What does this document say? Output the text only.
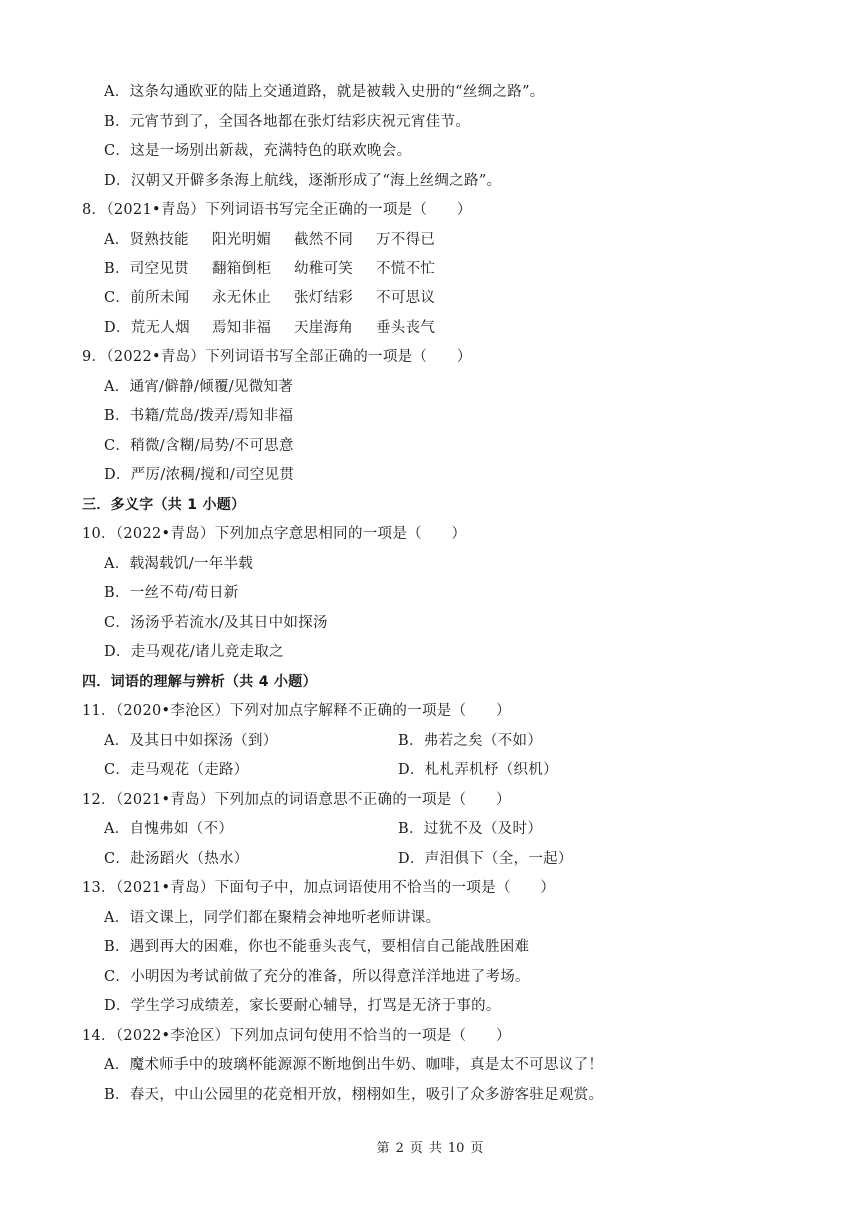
A．这条勾通欧亚的陆上交通道路，就是被载入史册的“丝绸之路”。
B．元宵节到了，全国各地都在张灯结彩庆祝元宵佳节。
C．这是一场别出新裁，充满特色的联欢晚会。
D．汉朝又开僻多条海上航线，逐渐形成了“海上丝绸之路”。
8．（2021•青岛）下列词语书写完全正确的一项是（　　）
A．贤熟技能 阳光明媚 截然不同 万不得已
B．司空见贯 翻箱倒柜 幼稚可笑 不慌不忙
C．前所未闻 永无休止 张灯结彩 不可思议
D．荒无人烟 焉知非福 天崖海角 垂头丧气
9．（2022•青岛）下列词语书写全部正确的一项是（　　）
A．通宵/僻静/倾覆/见微知著
B．书籍/荒岛/拨弄/焉知非福
C．稍微/含糊/局势/不可思意
D．严厉/浓稠/搅和/司空见贯
三．多义字（共 1 小题）
10．（2022•青岛）下列加点字意思相同的一项是（　　）
A．载渴载饥/一年半载
B．一丝不苟/苟日新
C．汤汤乎若流水/及其日中如探汤
D．走马观花/诸儿竞走取之
四．词语的理解与辨析（共 4 小题）
11．（2020•李沧区）下列对加点字解释不正确的一项是（　　）
A．及其日中如探汤（到）	B．弗若之矣（不如）
C．走马观花（走路）	D．札札弄机杼（织机）
12．（2021•青岛）下列加点的词语意思不正确的一项是（　　）
A．自愧弗如（不）	B．过犹不及（及时）
C．赴汤蹈火（热水）	D．声泪俱下（全，一起）
13．（2021•青岛）下面句子中，加点词语使用不恰当的一项是（　　）
A．语文课上，同学们都在聚精会神地听老师讲课。
B．遇到再大的困难，你也不能垂头丧气，要相信自己能战胜困难
C．小明因为考试前做了充分的准备，所以得意洋洋地进了考场。
D．学生学习成绩差，家长要耐心辅导，打骂是无济于事的。
14．（2022•李沧区）下列加点词句使用不恰当的一项是（　　）
A．魔术师手中的玻璃杯能源源不断地倒出牛奶、咖啡，真是太不可思议了！
B．春天，中山公园里的花竞相开放，栩栩如生，吸引了众多游客驻足观赏。
第 2 页 共 10 页
